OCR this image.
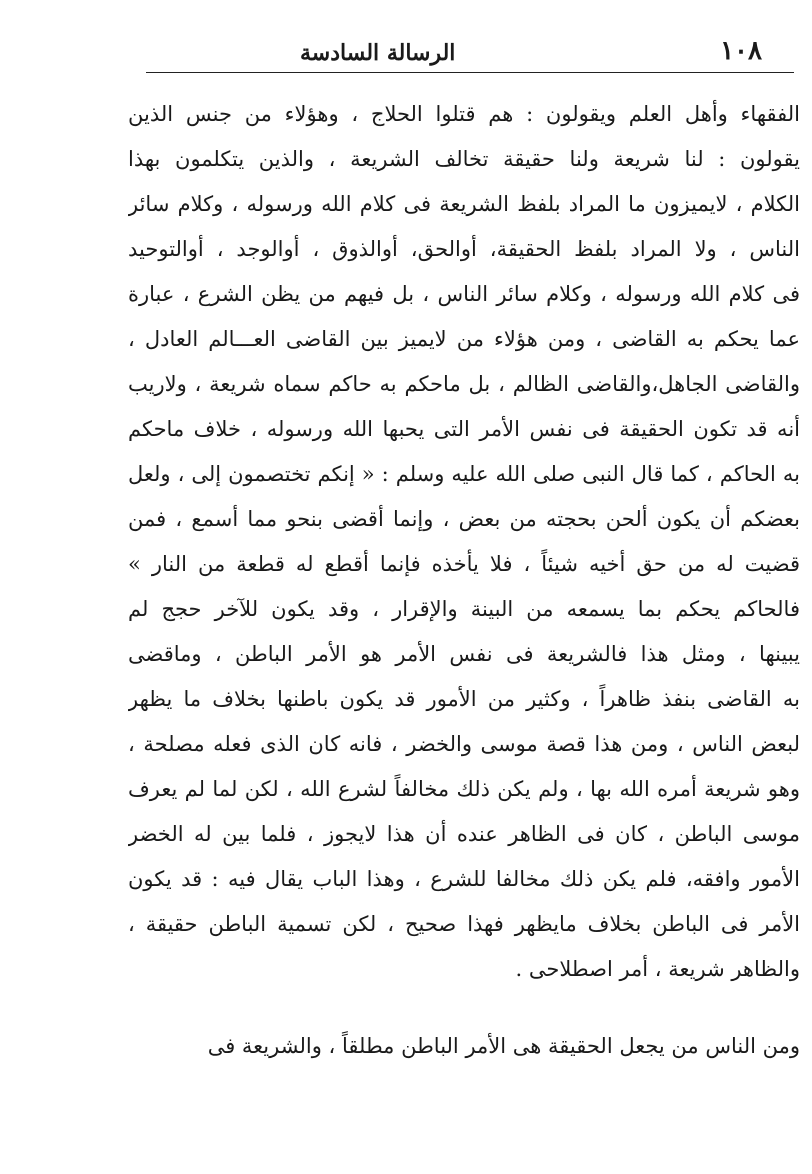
١٠٨
الرسالة السادسة
الفقهاء وأهل العلم ويقولون : هم قتلوا الحلاج ، وهؤلاء من جنس الذين
يقولون : لنا شريعة ولنا حقيقة تخالف الشريعة ، والذين يتكلمون بهذا
الكلام ، لايميزون ما المراد بلفظ الشريعة فى كلام الله ورسوله ، وكلام سائر
الناس ، ولا المراد بلفظ الحقيقة، أوالحق، أوالذوق ، أوالوجد ، أوالتوحيد
فى كلام الله ورسوله ، وكلام سائر الناس ، بل فيهم من يظن الشرع ، عبارة
عما يحكم به القاضى ، ومن هؤلاء من لايميز بين القاضى العـــالم العادل ،
والقاضى الجاهل،والقاضى الظالم ، بل ماحكم به حاكم سماه شريعة ، ولاريب
أنه قد تكون الحقيقة فى نفس الأمر التى يحبها الله ورسوله ، خلاف ماحكم
به الحاكم ، كما قال النبى صلى الله عليه وسلم : « إنكم تختصمون إلى ، ولعل
بعضكم أن يكون ألحن بحجته من بعض ، وإنما أقضى بنحو مما أسمع ، فمن
قضيت له من حق أخيه شيئاً ، فلا يأخذه فإنما أقطع له قطعة من النار »
فالحاكم يحكم بما يسمعه من البينة والإقرار ، وقد يكون للآخر حجج لم
يبينها ، ومثل هذا فالشريعة فى نفس الأمر هو الأمر الباطن ، وماقضى
به القاضى بنفذ ظاهراً ، وكثير من الأمور قد يكون باطنها بخلاف ما يظهر
لبعض الناس ، ومن هذا قصة موسى والخضر ، فانه كان الذى فعله مصلحة ،
وهو شريعة أمره الله بها ، ولم يكن ذلك مخالفاً لشرع الله ، لكن لما لم يعرف
موسى الباطن ، كان فى الظاهر عنده أن هذا لايجوز ، فلما بين له الخضر
الأمور وافقه، فلم يكن ذلك مخالفا للشرع ، وهذا الباب يقال فيه : قد يكون
الأمر فى الباطن بخلاف مايظهر فهذا صحيح ، لكن تسمية الباطن حقيقة ،
والظاهر شريعة ، أمر اصطلاحى .
ومن الناس من يجعل الحقيقة هى الأمر الباطن مطلقاً ، والشريعة فى
